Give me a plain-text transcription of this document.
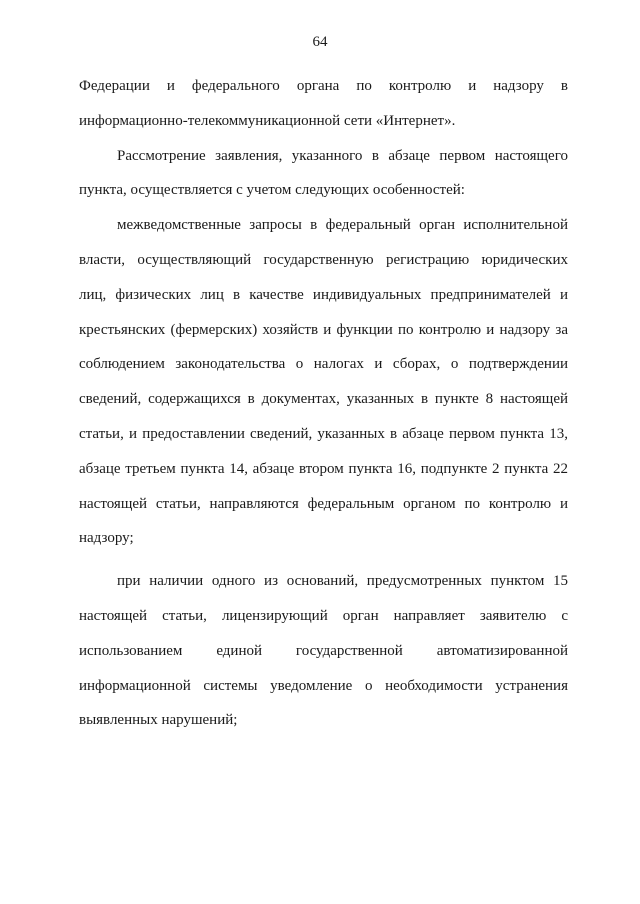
64
Федерации и федерального органа по контролю и надзору в
информационно-телекоммуникационной сети «Интернет».
Рассмотрение заявления, указанного в абзаце первом настоящего
пункта, осуществляется с учетом следующих особенностей:
межведомственные запросы в федеральный орган исполнительной
власти, осуществляющий государственную регистрацию юридических
лиц, физических лиц в качестве индивидуальных предпринимателей и
крестьянских (фермерских) хозяйств и функции по контролю и надзору за
соблюдением законодательства о налогах и сборах, о подтверждении
сведений, содержащихся в документах, указанных в пункте 8 настоящей
статьи, и предоставлении сведений, указанных в абзаце первом пункта 13,
абзаце третьем пункта 14, абзаце втором пункта 16, подпункте 2 пункта 22
настоящей статьи, направляются федеральным органом по контролю и
надзору;
при наличии одного из оснований, предусмотренных пунктом 15
настоящей статьи, лицензирующий орган направляет заявителю с
использованием единой государственной автоматизированной
информационной системы уведомление о необходимости устранения
выявленных нарушений;
